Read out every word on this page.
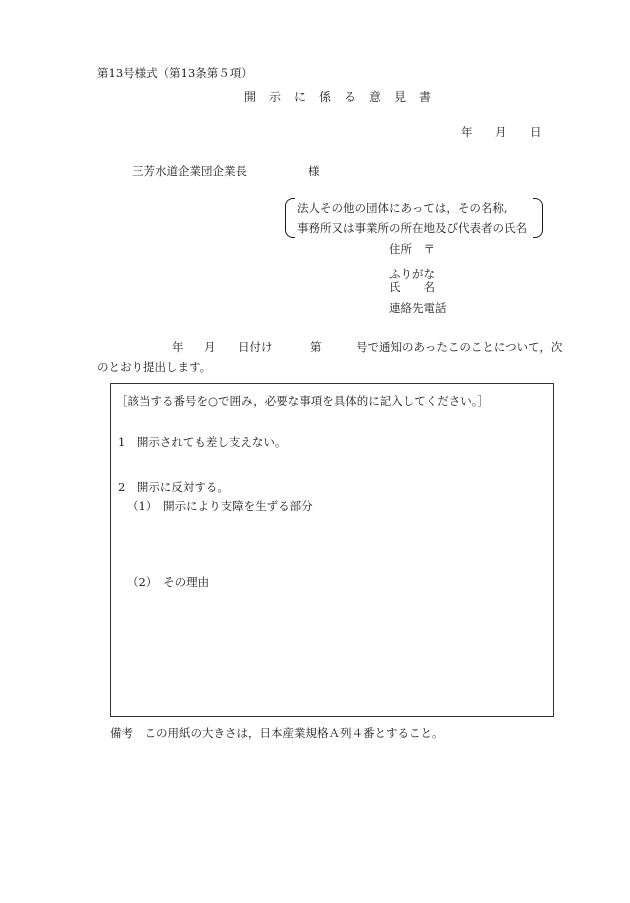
第13号様式（第13条第５項）
開示に係る意見書
年 月 日
三芳水道企業団企業長	様
法人その他の団体にあっては，その名称,
事務所又は事業所の所在地及び代表者の氏名
住所　〒
ふりがな
氏　　名
連絡先電話
年 月 日付け	第	号で通知のあったこのことについて，次
のとおり提出します。
［該当する番号を○で囲み，必要な事項を具体的に記入してください。］
1　開示されても差し支えない。
2　開示に反対する。
（1）　開示により支障を生ずる部分
（2）　その理由
備考　この用紙の大きさは，日本産業規格Ａ列４番とすること。
